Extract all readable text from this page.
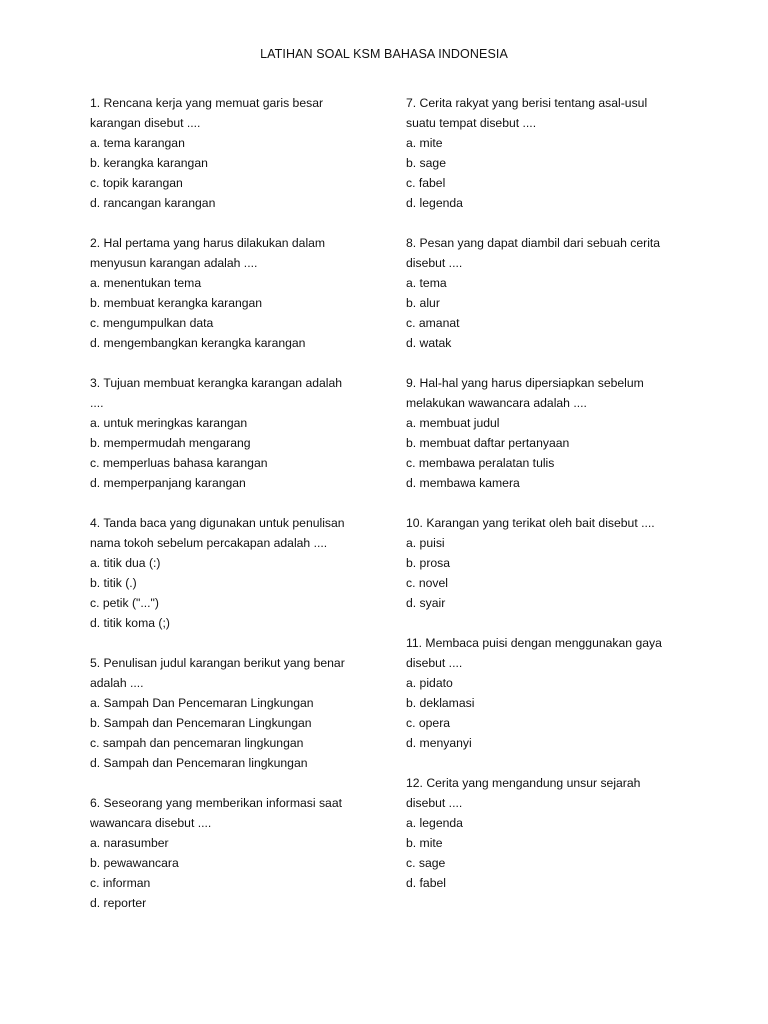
LATIHAN SOAL KSM BAHASA INDONESIA
1. Rencana kerja yang memuat garis besar
karangan disebut ....
a. tema karangan
b. kerangka karangan
c. topik karangan
d. rancangan karangan
2. Hal pertama yang harus dilakukan dalam
menyusun karangan adalah ....
a. menentukan tema
b. membuat kerangka karangan
c. mengumpulkan data
d. mengembangkan kerangka karangan
3. Tujuan membuat kerangka karangan adalah
....
a. untuk meringkas karangan
b. mempermudah mengarang
c. memperluas bahasa karangan
d. memperpanjang karangan
4. Tanda baca yang digunakan untuk penulisan
nama tokoh sebelum percakapan adalah ....
a. titik dua (:)
b. titik (.)
c. petik ("...")
d. titik koma (;)
5. Penulisan judul karangan berikut yang benar
adalah ....
a. Sampah Dan Pencemaran Lingkungan
b. Sampah dan Pencemaran Lingkungan
c. sampah dan pencemaran lingkungan
d. Sampah dan Pencemaran lingkungan
6. Seseorang yang memberikan informasi saat
wawancara disebut ....
a. narasumber
b. pewawancara
c. informan
d. reporter
7. Cerita rakyat yang berisi tentang asal-usul
suatu tempat disebut ....
a. mite
b. sage
c. fabel
d. legenda
8. Pesan yang dapat diambil dari sebuah cerita
disebut ....
a. tema
b. alur
c. amanat
d. watak
9. Hal-hal yang harus dipersiapkan sebelum
melakukan wawancara adalah ....
a. membuat judul
b. membuat daftar pertanyaan
c. membawa peralatan tulis
d. membawa kamera
10. Karangan yang terikat oleh bait disebut ....
a. puisi
b. prosa
c. novel
d. syair
11. Membaca puisi dengan menggunakan gaya
disebut ....
a. pidato
b. deklamasi
c. opera
d. menyanyi
12. Cerita yang mengandung unsur sejarah
disebut ....
a. legenda
b. mite
c. sage
d. fabel
